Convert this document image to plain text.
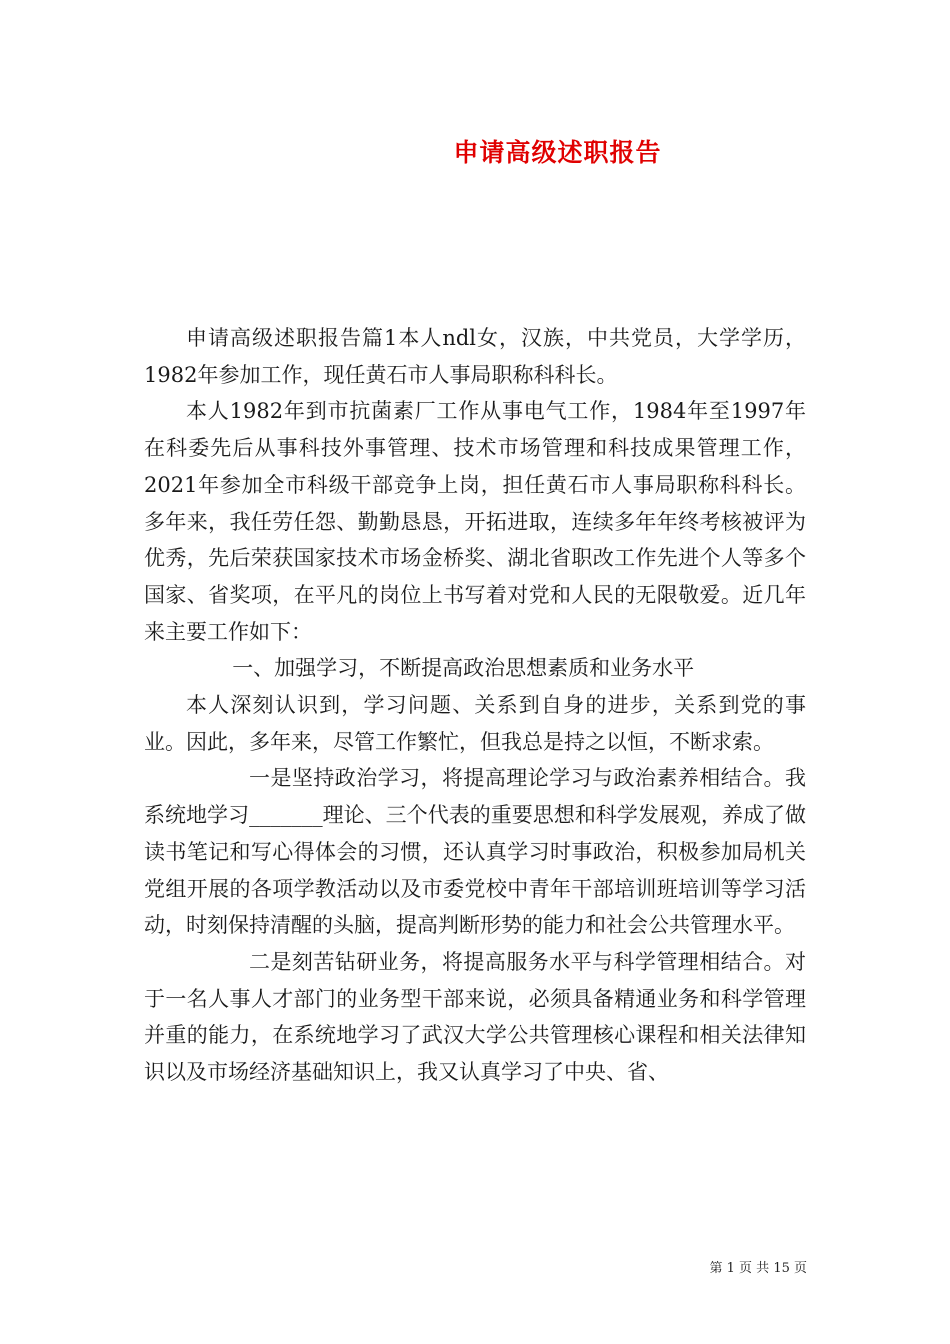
申请高级述职报告

申请高级述职报告篇1本人ndl女，汉族，中共党员，大学学历，1982年参加工作，现任黄石市人事局职称科科长。

本人1982年到市抗菌素厂工作从事电气工作，1984年至1997年在科委先后从事科技外事管理、技术市场管理和科技成果管理工作，2021年参加全市科级干部竞争上岗，担任黄石市人事局职称科科长。多年来，我任劳任怨、勤勤恳恳，开拓进取，连续多年年终考核被评为优秀，先后荣获国家技术市场金桥奖、湖北省职改工作先进个人等多个国家、省奖项，在平凡的岗位上书写着对党和人民的无限敬爱。近几年来主要工作如下：

一、加强学习，不断提高政治思想素质和业务水平

本人深刻认识到，学习问题、关系到自身的进步，关系到党的事业。因此，多年来，尽管工作繁忙，但我总是持之以恒，不断求索。

一是坚持政治学习，将提高理论学习与政治素养相结合。我系统地学习_______理论、三个代表的重要思想和科学发展观，养成了做读书笔记和写心得体会的习惯，还认真学习时事政治，积极参加局机关党组开展的各项学教活动以及市委党校中青年干部培训班培训等学习活动，时刻保持清醒的头脑，提高判断形势的能力和社会公共管理水平。

二是刻苦钻研业务，将提高服务水平与科学管理相结合。对于一名人事人才部门的业务型干部来说，必须具备精通业务和科学管理并重的能力，在系统地学习了武汉大学公共管理核心课程和相关法律知识以及市场经济基础知识上，我又认真学习了中央、省、

第 1 页 共 15 页
